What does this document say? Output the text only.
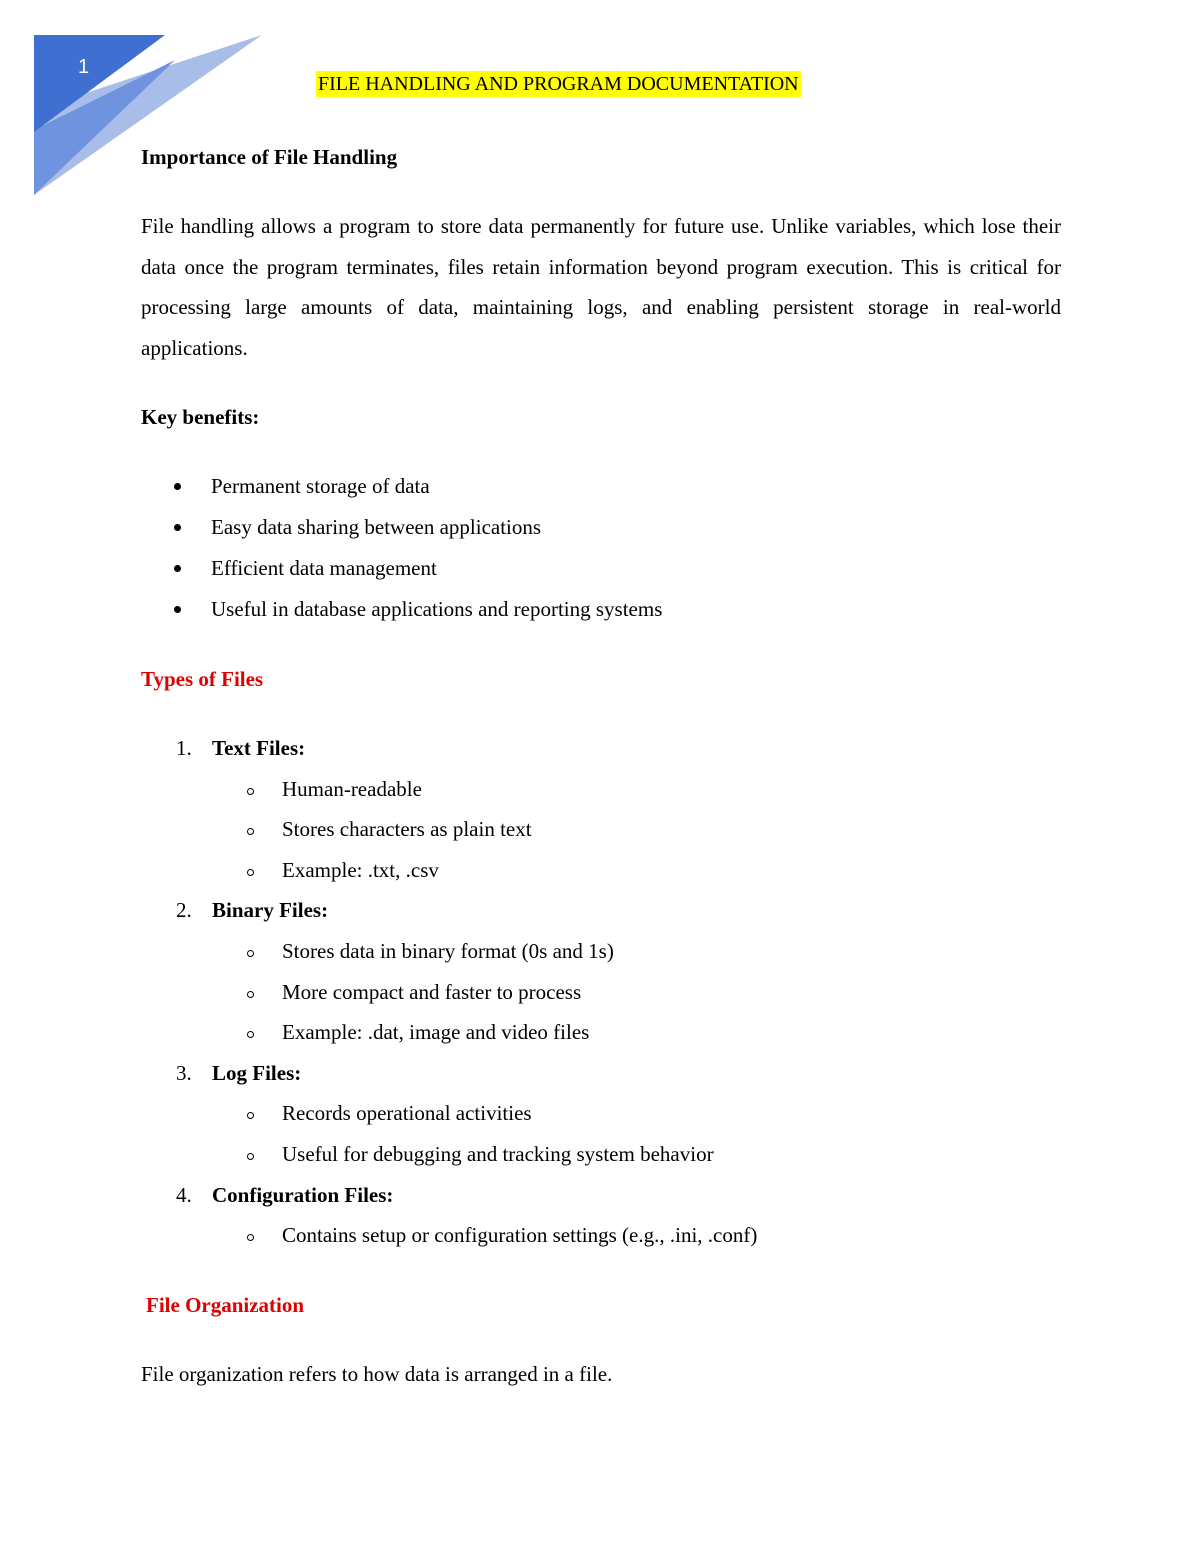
1
FILE HANDLING AND PROGRAM DOCUMENTATION
Importance of File Handling

File handling allows a program to store data permanently for future use. Unlike variables, which lose their data once the program terminates, files retain information beyond program execution. This is critical for processing large amounts of data, maintaining logs, and enabling persistent storage in real-world applications.

Key benefits:
Permanent storage of data
Easy data sharing between applications
Efficient data management
Useful in database applications and reporting systems
Types of Files
1. Text Files:
Human-readable
Stores characters as plain text
Example: .txt, .csv
2. Binary Files:
Stores data in binary format (0s and 1s)
More compact and faster to process
Example: .dat, image and video files
3. Log Files:
Records operational activities
Useful for debugging and tracking system behavior
4. Configuration Files:
Contains setup or configuration settings (e.g., .ini, .conf)
File Organization

File organization refers to how data is arranged in a file.
